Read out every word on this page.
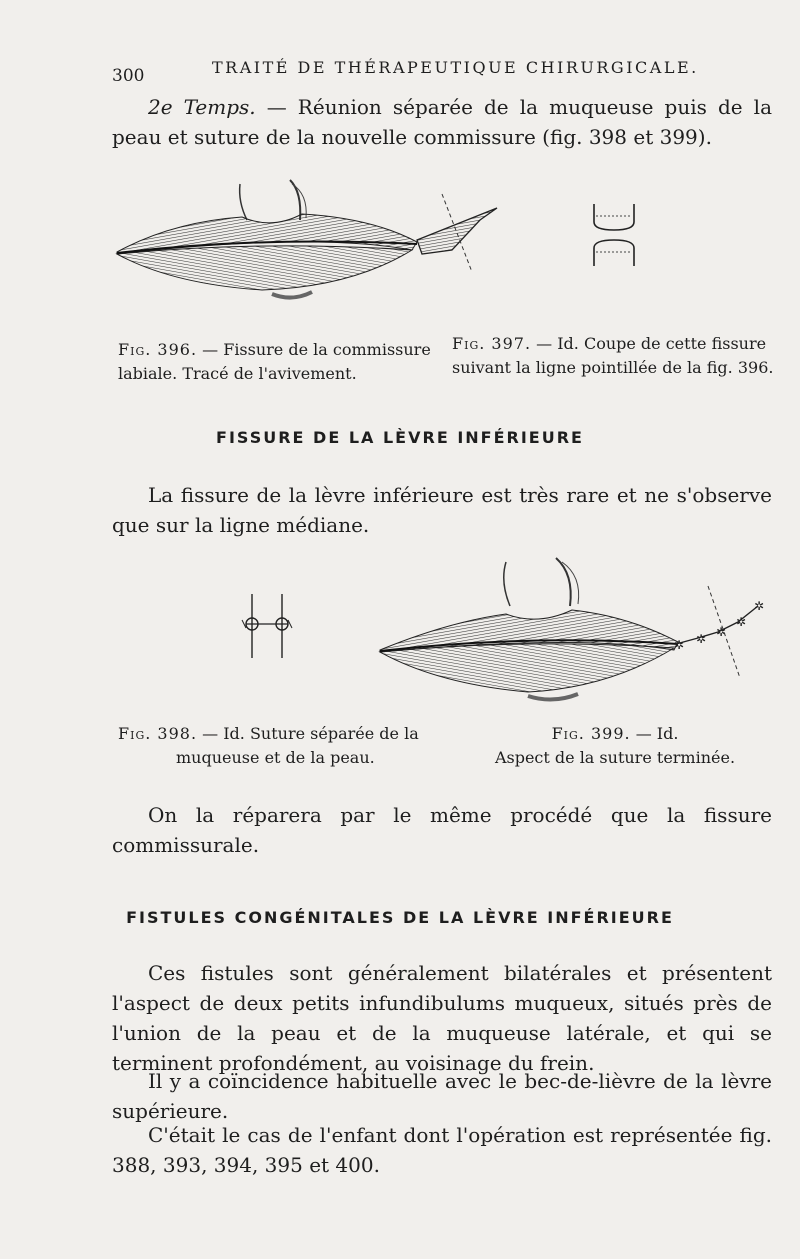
300	TRAITÉ DE THÉRAPEUTIQUE CHIRURGICALE.
2e Temps. — Réunion séparée de la muqueuse puis de la peau et suture de la nouvelle commissure (fig. 398 et 399).
Fig. 396. — Fissure de la commissure labiale. Tracé de l'avivement.
Fig. 397. — Id. Coupe de cette fissure suivant la ligne pointillée de la fig. 396.
FISSURE DE LA LÈVRE INFÉRIEURE
La fissure de la lèvre inférieure est très rare et ne s'observe que sur la ligne médiane.
✲ ✲ ✲
✲
✲
Fig. 398. — Id. Suture séparée de la
muqueuse et de la peau.
Fig. 399. — Id.
Aspect de la suture terminée.
On la réparera par le même procédé que la fissure commissurale.
FISTULES CONGÉNITALES DE LA LÈVRE INFÉRIEURE
Ces fistules sont généralement bilatérales et présentent l'aspect de deux petits infundibulums muqueux, situés près de l'union de la peau et de la muqueuse latérale, et qui se terminent profondément, au voisinage du frein.
Il y a coïncidence habituelle avec le bec-de-lièvre de la lèvre supérieure.
C'était le cas de l'enfant dont l'opération est représentée fig. 388, 393, 394, 395 et 400.
